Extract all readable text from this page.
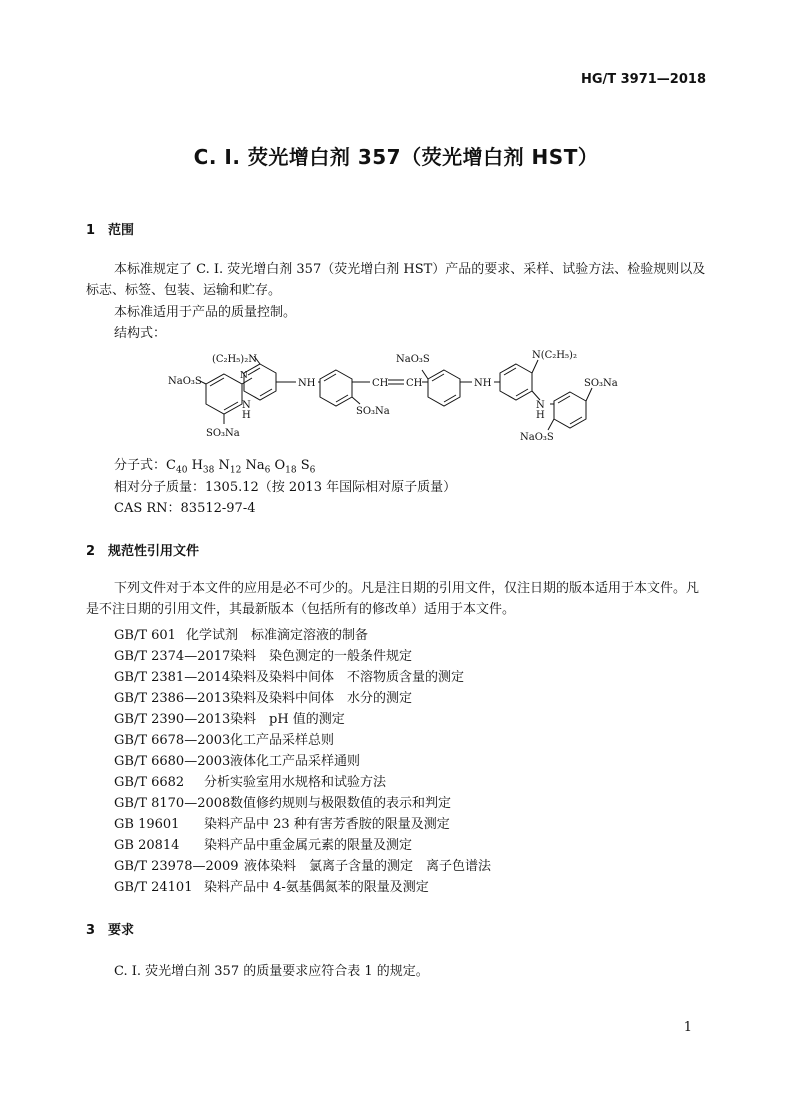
HG/T 3971—2018
C. I. 荧光增白剂 357（荧光增白剂 HST）
1 范围
本标准规定了 C. I. 荧光增白剂 357（荧光增白剂 HST）产品的要求、采样、试验方法、检验规则以及标志、标签、包装、运输和贮存。
本标准适用于产品的质量控制。
结构式：
(C₂H₅)₂N
NaO₃S	N
N
H
SO₃Na
NH
SO₃Na
CH CH
NaO₃S
NH
N(C₂H₅)₂
N
H
SO₃Na
NaO₃S
分子式：$C_{40}$ $H_{38}$ $N_{12}$ $Na_6$ $O_{18}$ $S_6$
相对分子质量：1305.12（按 2013 年国际相对原子质量）
CAS RN：83512-97-4
2 规范性引用文件
下列文件对于本文件的应用是必不可少的。凡是注日期的引用文件，仅注日期的版本适用于本文件。凡是不注日期的引用文件，其最新版本（包括所有的修改单）适用于本文件。
GB/T 601 化学试剂　标准滴定溶液的制备
GB/T 2374—2017染料　染色测定的一般条件规定
GB/T 2381—2014染料及染料中间体　不溶物质含量的测定
GB/T 2386—2013染料及染料中间体　水分的测定
GB/T 2390—2013染料　pH 值的测定
GB/T 6678—2003化工产品采样总则
GB/T 6680—2003液体化工产品采样通则
GB/T 6682 分析实验室用水规格和试验方法
GB/T 8170—2008数值修约规则与极限数值的表示和判定
GB 19601 染料产品中 23 种有害芳香胺的限量及测定
GB 20814 染料产品中重金属元素的限量及测定
GB/T 23978—2009 液体染料　氯离子含量的测定　离子色谱法
GB/T 24101 染料产品中 4-氨基偶氮苯的限量及测定
3 要求
C. I. 荧光增白剂 357 的质量要求应符合表 1 的规定。
1
